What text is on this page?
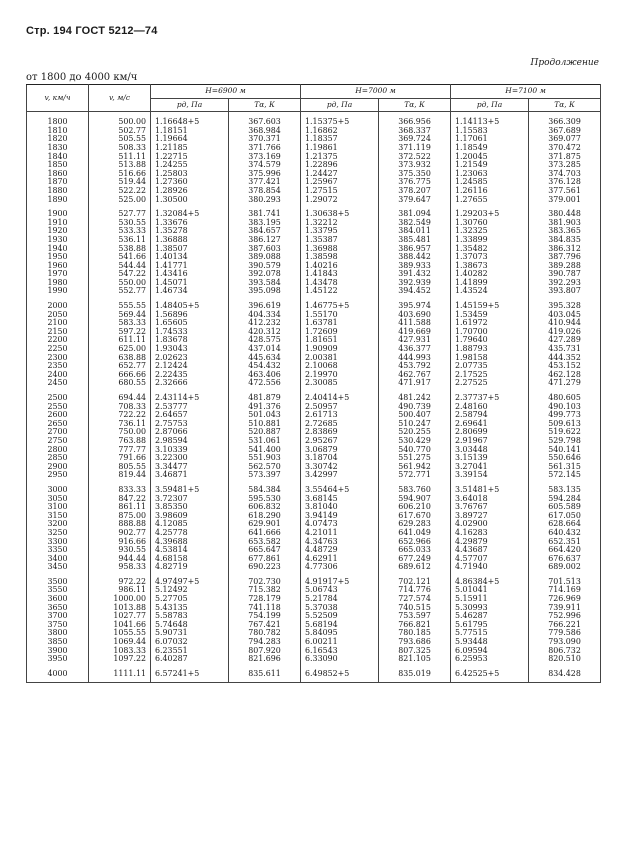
Стр. 194 ГОСТ 5212—74
Продолжение
от 1800 до 4000 км/ч
v, км/ч	v, м/с	H=6900 м		H=7000 м		H=7100 м	
		pд, Па	Tα, К	pд, Па	Tα, К	pд, Па	Tα, К
1800	500.00	1.16648+5	367.603	1.15375+5	366.956	1.14113+5	366.309
1810	502.77	1.18151	368.984	1.16862	368.337	1.15583	367.689
1820	505.55	1.19664	370.371	1.18357	369.724	1.17061	369.077
1830	508.33	1.21185	371.766	1.19861	371.119	1.18549	370.472
1840	511.11	1.22715	373.169	1.21375	372.522	1.20045	371.875
1850	513.88	1.24255	374.579	1.22896	373.932	1.21549	373.285
1860	516.66	1.25803	375.996	1.24427	375.350	1.23063	374.703
1870	519.44	1.27360	377.421	1.25967	376.775	1.24585	376.128
1880	522.22	1.28926	378.854	1.27515	378.207	1.26116	377.561
1890	525.00	1.30500	380.293	1.29072	379.647	1.27655	379.001
1900	527.77	1.32084+5	381.741	1.30638+5	381.094	1.29203+5	380.448
1910	530.55	1.33676	383.195	1.32212	382.549	1.30760	381.903
1920	533.33	1.35278	384.657	1.33795	384.011	1.32325	383.365
1930	536.11	1.36888	386.127	1.35387	385.481	1.33899	384.835
1940	538.88	1.38507	387.603	1.36988	386.957	1.35482	386.312
1950	541.66	1.40134	389.088	1.38598	388.442	1.37073	387.796
1960	544.44	1.41771	390.579	1.40216	389.933	1.38673	389.288
1970	547.22	1.43416	392.078	1.41843	391.432	1.40282	390.787
1980	550.00	1.45071	393.584	1.43478	392.939	1.41899	392.293
1990	552.77	1.46734	395.098	1.45122	394.452	1.43524	393.807
2000	555.55	1.48405+5	396.619	1.46775+5	395.974	1.45159+5	395.328
2050	569.44	1.56896	404.334	1.55170	403.690	1.53459	403.045
2100	583.33	1.65605	412.232	1.63781	411.588	1.61972	410.944
2150	597.22	1.74533	420.312	1.72609	419.669	1.70700	419.026
2200	611.11	1.83678	428.575	1.81651	427.931	1.79640	427.289
2250	625.00	1.93043	437.014	1.90909	436.377	1.88793	435.731
2300	638.88	2.02623	445.634	2.00381	444.993	1.98158	444.352
2350	652.77	2.12424	454.432	2.10068	453.792	2.07735	453.152
2400	666.66	2.22435	463.406	2.19970	462.767	2.17525	462.128
2450	680.55	2.32666	472.556	2.30085	471.917	2.27525	471.279
2500	694.44	2.43114+5	481.879	2.40414+5	481.242	2.37737+5	480.605
2550	708.33	2.53777	491.376	2.50957	490.739	2.48160	490.103
2600	722.22	2.64657	501.043	2.61713	500.407	2.58794	499.773
2650	736.11	2.75753	510.881	2.72685	510.247	2.69641	509.613
2700	750.00	2.87066	520.887	2.83869	520.255	2.80699	519.622
2750	763.88	2.98594	531.061	2.95267	530.429	2.91967	529.798
2800	777.77	3.10339	541.400	3.06879	540.770	3.03448	540.141
2850	791.66	3.22300	551.903	3.18704	551.275	3.15139	550.646
2900	805.55	3.34477	562.570	3.30742	561.942	3.27041	561.315
2950	819.44	3.46871	573.397	3.42997	572.771	3.39154	572.145
3000	833.33	3.59481+5	584.384	3.55464+5	583.760	3.51481+5	583.135
3050	847.22	3.72307	595.530	3.68145	594.907	3.64018	594.284
3100	861.11	3.85350	606.832	3.81040	606.210	3.76767	605.589
3150	875.00	3.98609	618.290	3.94149	617.670	3.89727	617.050
3200	888.88	4.12085	629.901	4.07473	629.283	4.02900	628.664
3250	902.77	4.25778	641.666	4.21011	641.049	4.16283	640.432
3300	916.66	4.39688	653.582	4.34763	652.966	4.29879	652.351
3350	930.55	4.53814	665.647	4.48729	665.033	4.43687	664.420
3400	944.44	4.68158	677.861	4.62911	677.249	4.57707	676.637
3450	958.33	4.82719	690.223	4.77306	689.612	4.71940	689.002
3500	972.22	4.97497+5	702.730	4.91917+5	702.121	4.86384+5	701.513
3550	986.11	5.12492	715.382	5.06743	714.776	5.01041	714.169
3600	1000.00	5.27705	728.179	5.21784	727.574	5.15911	726.969
3650	1013.88	5.43135	741.118	5.37038	740.515	5.30993	739.911
3700	1027.77	5.58783	754.199	5.52509	753.597	5.46287	752.996
3750	1041.66	5.74648	767.421	5.68194	766.821	5.61795	766.221
3800	1055.55	5.90731	780.782	5.84095	780.185	5.77515	779.586
3850	1069.44	6.07032	794.283	6.00211	793.686	5.93448	793.090
3900	1083.33	6.23551	807.920	6.16543	807.325	6.09594	806.732
3950	1097.22	6.40287	821.696	6.33090	821.105	6.25953	820.510
4000	1111.11	6.57241+5	835.611	6.49852+5	835.019	6.42525+5	834.428
